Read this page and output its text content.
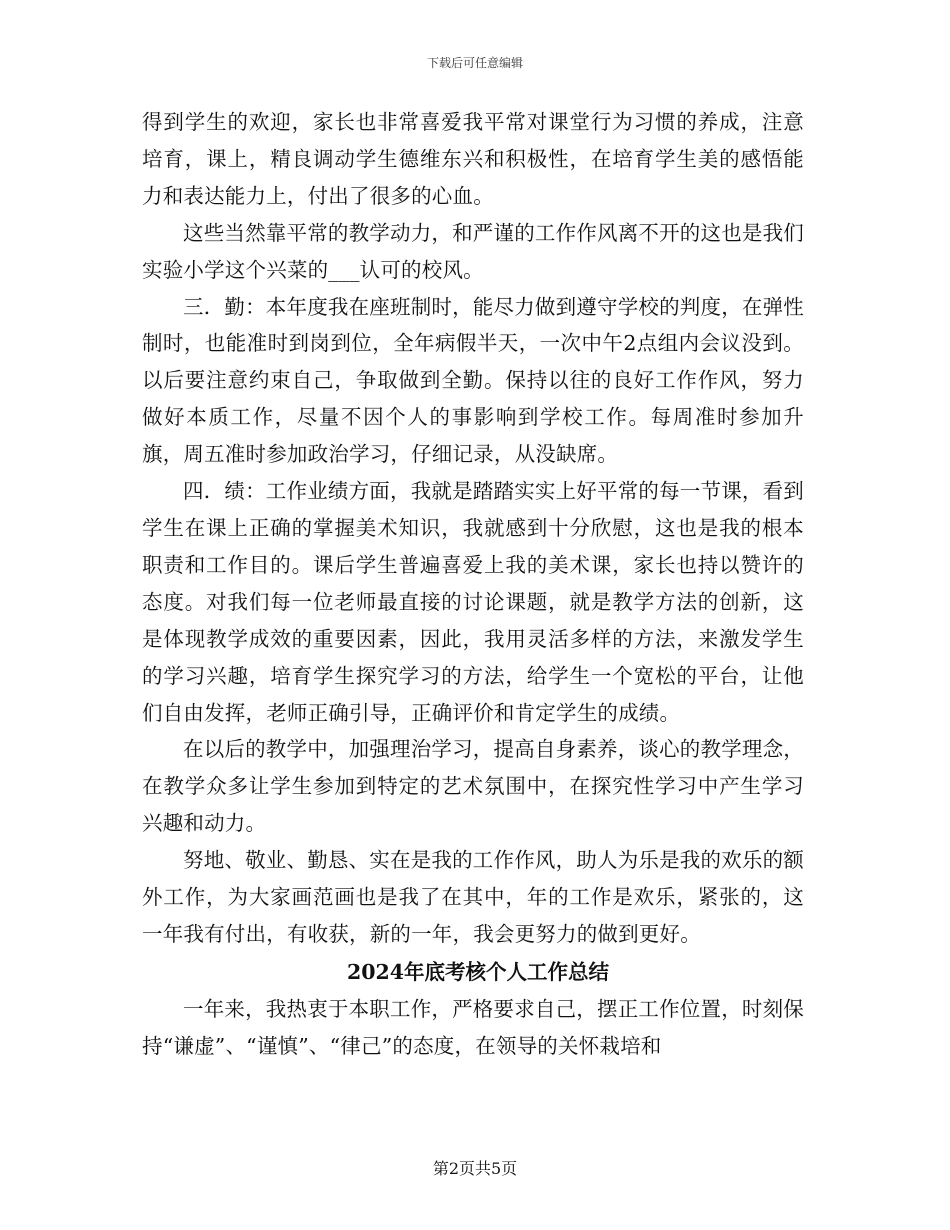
下载后可任意编辑

得到学生的欢迎，家长也非常喜爱我平常对课堂行为习惯的养成，注意培育，课上，精良调动学生德维东兴和积极性，在培育学生美的感悟能力和表达能力上，付出了很多的心血。

这些当然靠平常的教学动力，和严谨的工作作风离不开的这也是我们实验小学这个兴菜的___认可的校风。

三．勤：本年度我在座班制时，能尽力做到遵守学校的判度，在弹性制时，也能准时到岗到位，全年病假半天，一次中午2点组内会议没到。以后要注意约束自己，争取做到全勤。保持以往的良好工作作风，努力做好本质工作，尽量不因个人的事影响到学校工作。每周准时参加升旗，周五准时参加政治学习，仔细记录，从没缺席。

四．绩：工作业绩方面，我就是踏踏实实上好平常的每一节课，看到学生在课上正确的掌握美术知识，我就感到十分欣慰，这也是我的根本职责和工作目的。课后学生普遍喜爱上我的美术课，家长也持以赞许的态度。对我们每一位老师最直接的讨论课题，就是教学方法的创新，这是体现教学成效的重要因素，因此，我用灵活多样的方法，来激发学生的学习兴趣，培育学生探究学习的方法，给学生一个宽松的平台，让他们自由发挥，老师正确引导，正确评价和肯定学生的成绩。

在以后的教学中，加强理治学习，提高自身素养，谈心的教学理念，在教学众多让学生参加到特定的艺术氛围中，在探究性学习中产生学习兴趣和动力。

努地、敬业、勤恳、实在是我的工作作风，助人为乐是我的欢乐的额外工作，为大家画范画也是我了在其中，年的工作是欢乐，紧张的，这一年我有付出，有收获，新的一年，我会更努力的做到更好。

2024年底考核个人工作总结

一年来，我热衷于本职工作，严格要求自己，摆正工作位置，时刻保持“谦虚”、“谨慎”、“律己”的态度，在领导的关怀栽培和

第2页共5页
